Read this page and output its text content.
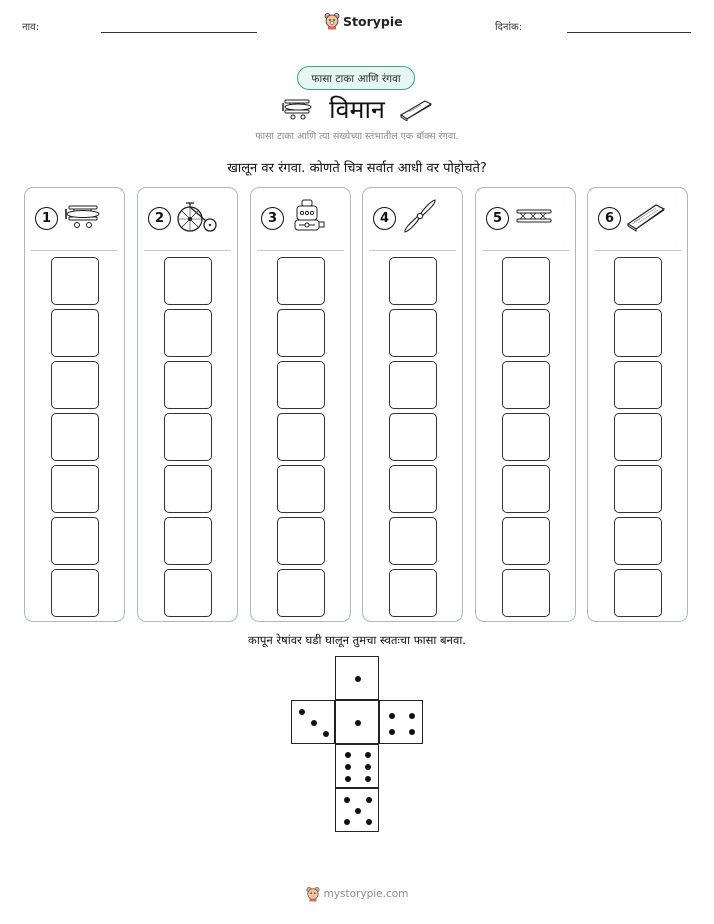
नाव:	Storypie	दिनांक:
फासा टाका आणि रंगवा
विमान
फासा टाका आणि त्या संख्येच्या स्तंभातील एक बॉक्स रंगवा.
खालून वर रंगवा. कोणते चित्र सर्वात आधी वर पोहोचते?
1	2	3	4	5	6
कापून रेषांवर घडी घालून तुमचा स्वतःचा फासा बनवा.
mystorypie.com
